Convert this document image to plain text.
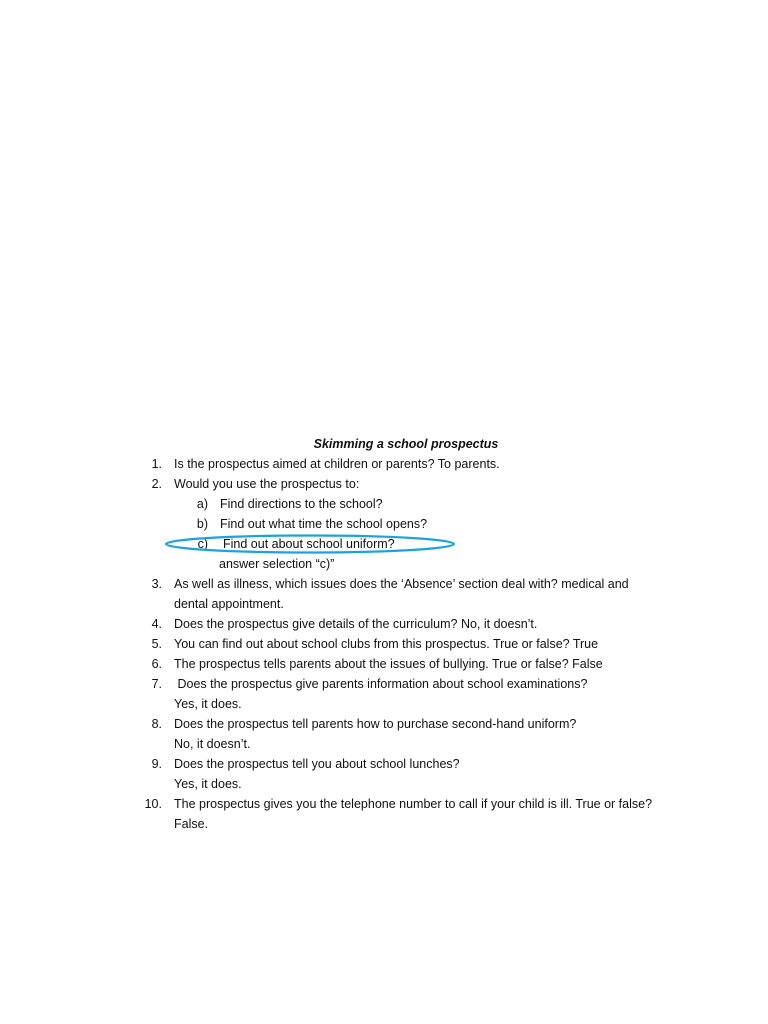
Skimming a school prospectus
1. Is the prospectus aimed at children or parents? To parents.
2. Would you use the prospectus to:
a) Find directions to the school?
b) Find out what time the school opens?
c) Find out about school uniform?
answer selection “c)”
3. As well as illness, which issues does the ‘Absence’ section deal with? medical and
dental appointment.
4. Does the prospectus give details of the curriculum? No, it doesn’t.
5. You can find out about school clubs from this prospectus. True or false? True
6. The prospectus tells parents about the issues of bullying. True or false? False
7. Does the prospectus give parents information about school examinations?
Yes, it does.
8. Does the prospectus tell parents how to purchase second-hand uniform?
No, it doesn’t.
9. Does the prospectus tell you about school lunches?
Yes, it does.
10. The prospectus gives you the telephone number to call if your child is ill. True or false?
False.
